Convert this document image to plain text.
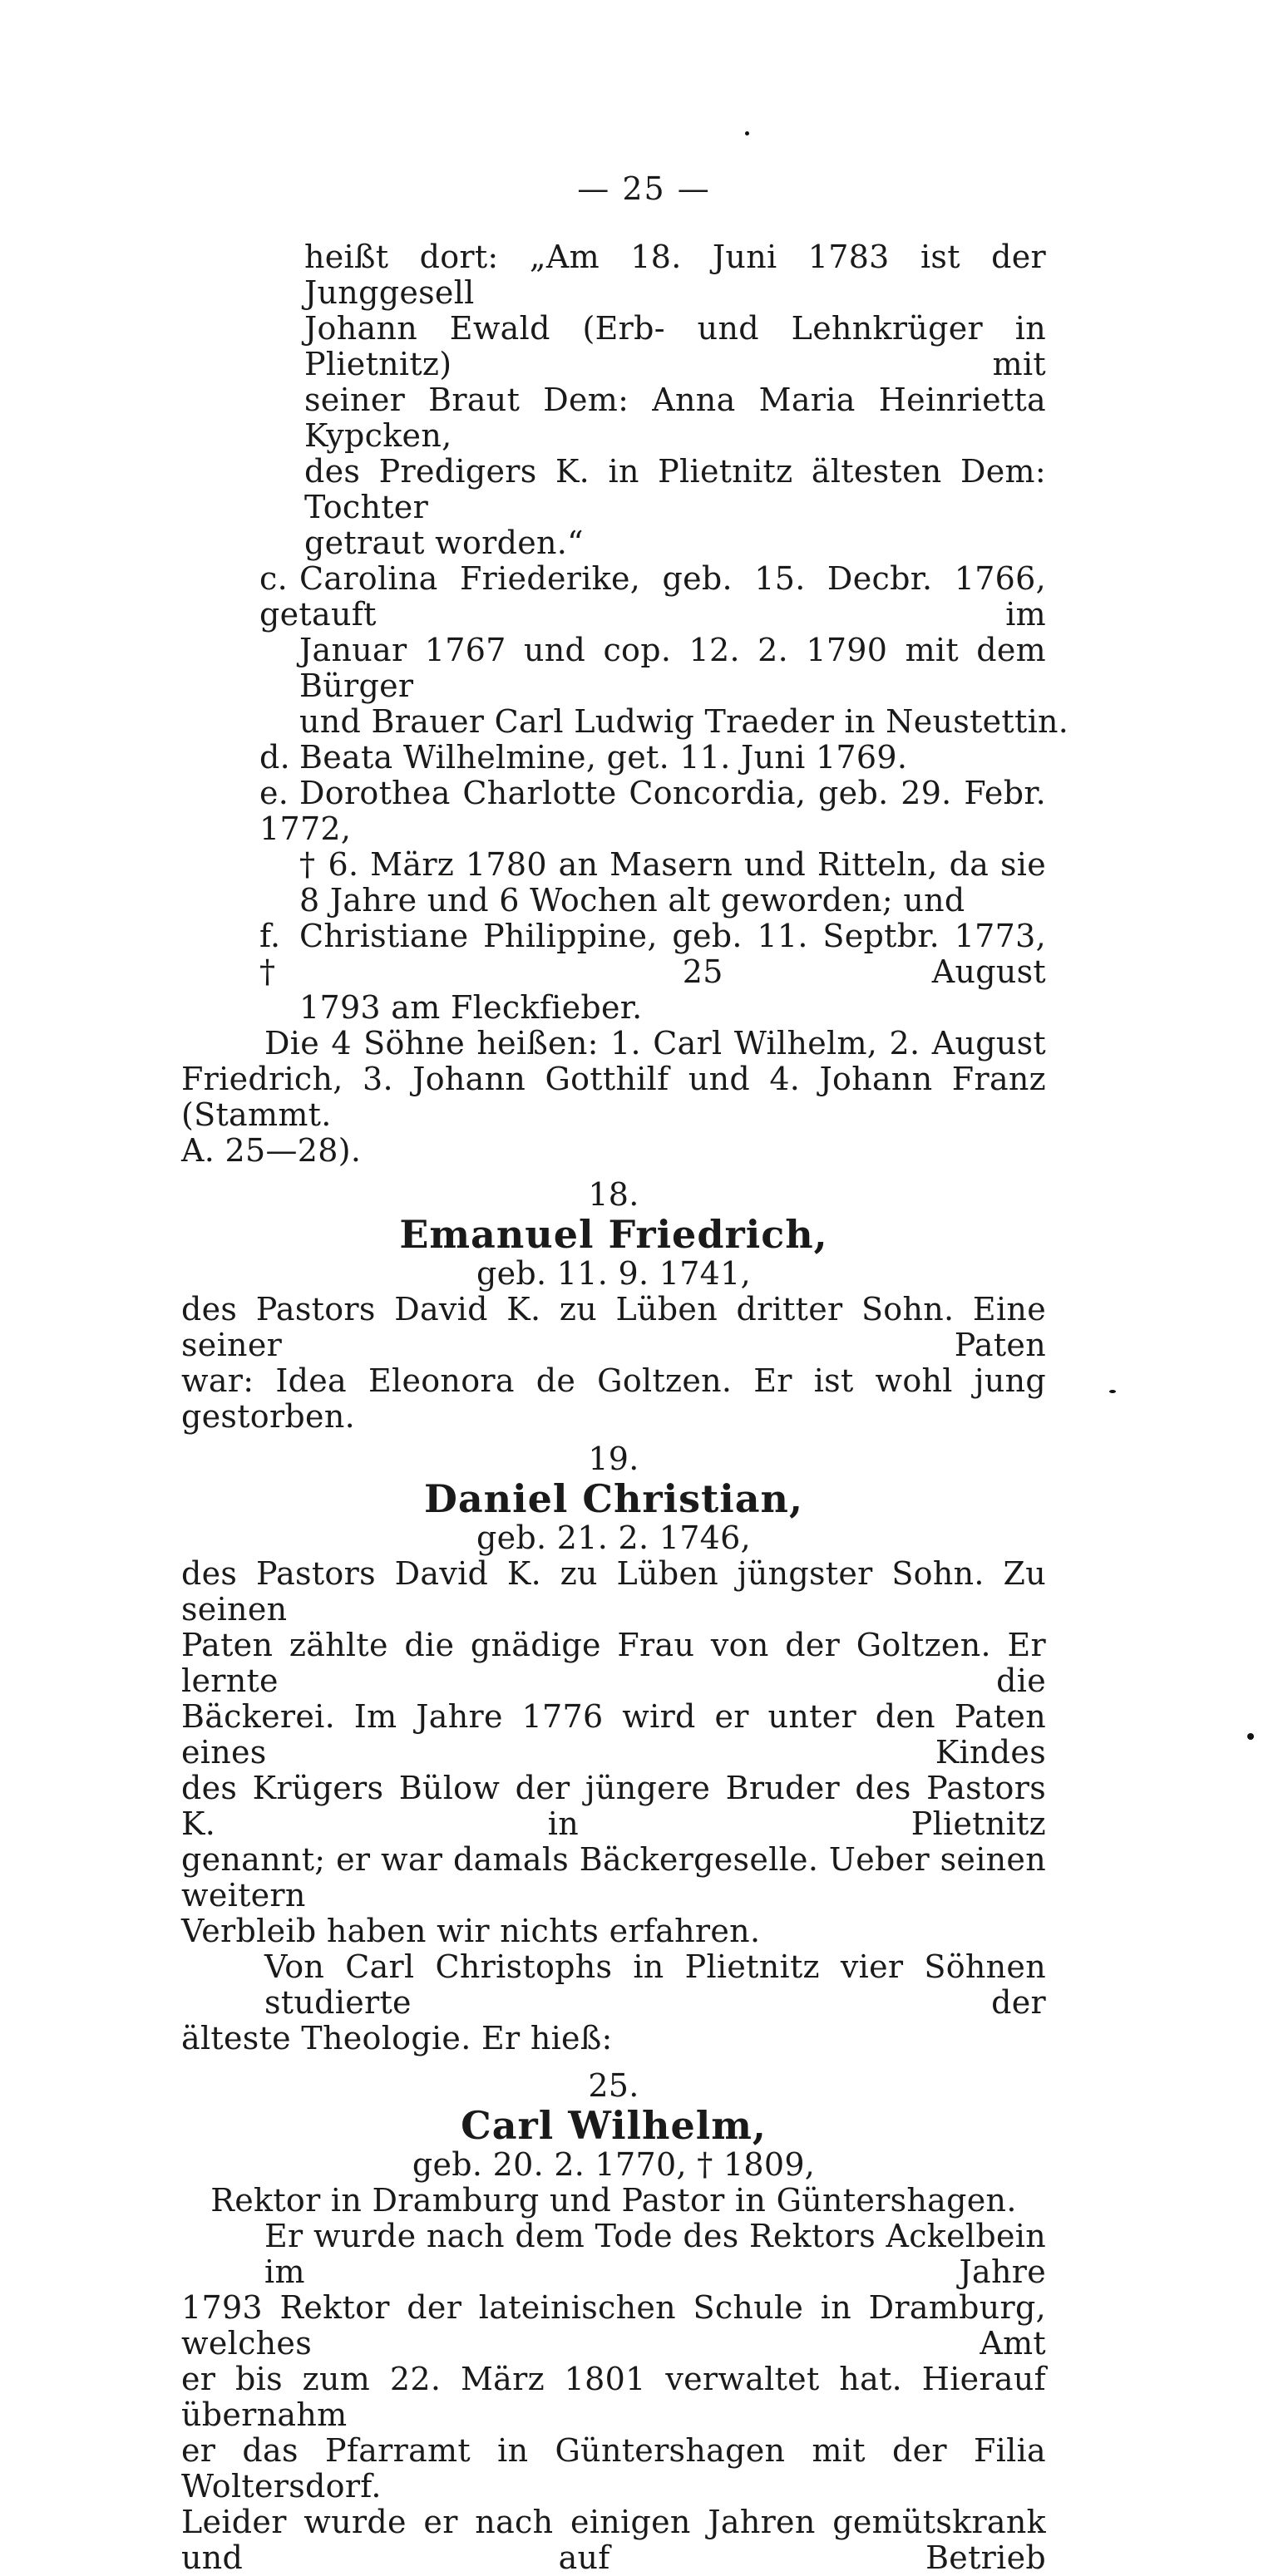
— 25 —
heißt dort: „Am 18. Juni 1783 ist der Junggesell
Johann Ewald (Erb- und Lehnkrüger in Plietnitz) mit
seiner Braut Dem: Anna Maria Heinrietta Kypcken,
des Predigers K. in Plietnitz ältesten Dem: Tochter
getraut worden.“
c. Carolina Friederike, geb. 15. Decbr. 1766, getauft im
Januar 1767 und cop. 12. 2. 1790 mit dem Bürger
und Brauer Carl Ludwig Traeder in Neustettin.
d. Beata Wilhelmine, get. 11. Juni 1769.
e. Dorothea Charlotte Concordia, geb. 29. Febr. 1772,
† 6. März 1780 an Masern und Ritteln, da sie
8 Jahre und 6 Wochen alt geworden; und
f. Christiane Philippine, geb. 11. Septbr. 1773, † 25 August
1793 am Fleckfieber.
Die 4 Söhne heißen: 1. Carl Wilhelm, 2. August
Friedrich, 3. Johann Gotthilf und 4. Johann Franz (Stammt.
A. 25—28).
18.
Emanuel Friedrich,
geb. 11. 9. 1741,
des Pastors David K. zu Lüben dritter Sohn. Eine seiner Paten
war: Idea Eleonora de Goltzen. Er ist wohl jung gestorben.
19.
Daniel Christian,
geb. 21. 2. 1746,
des Pastors David K. zu Lüben jüngster Sohn. Zu seinen
Paten zählte die gnädige Frau von der Goltzen. Er lernte die
Bäckerei. Im Jahre 1776 wird er unter den Paten eines Kindes
des Krügers Bülow der jüngere Bruder des Pastors K. in Plietnitz
genannt; er war damals Bäckergeselle. Ueber seinen weitern
Verbleib haben wir nichts erfahren.
Von Carl Christophs in Plietnitz vier Söhnen studierte der
älteste Theologie. Er hieß:
25.
Carl Wilhelm,
geb. 20. 2. 1770, † 1809,
Rektor in Dramburg und Pastor in Güntershagen.
Er wurde nach dem Tode des Rektors Ackelbein im Jahre
1793 Rektor der lateinischen Schule in Dramburg, welches Amt
er bis zum 22. März 1801 verwaltet hat. Hierauf übernahm
er das Pfarramt in Güntershagen mit der Filia Woltersdorf.
Leider wurde er nach einigen Jahren gemütskrank und auf Betrieb
